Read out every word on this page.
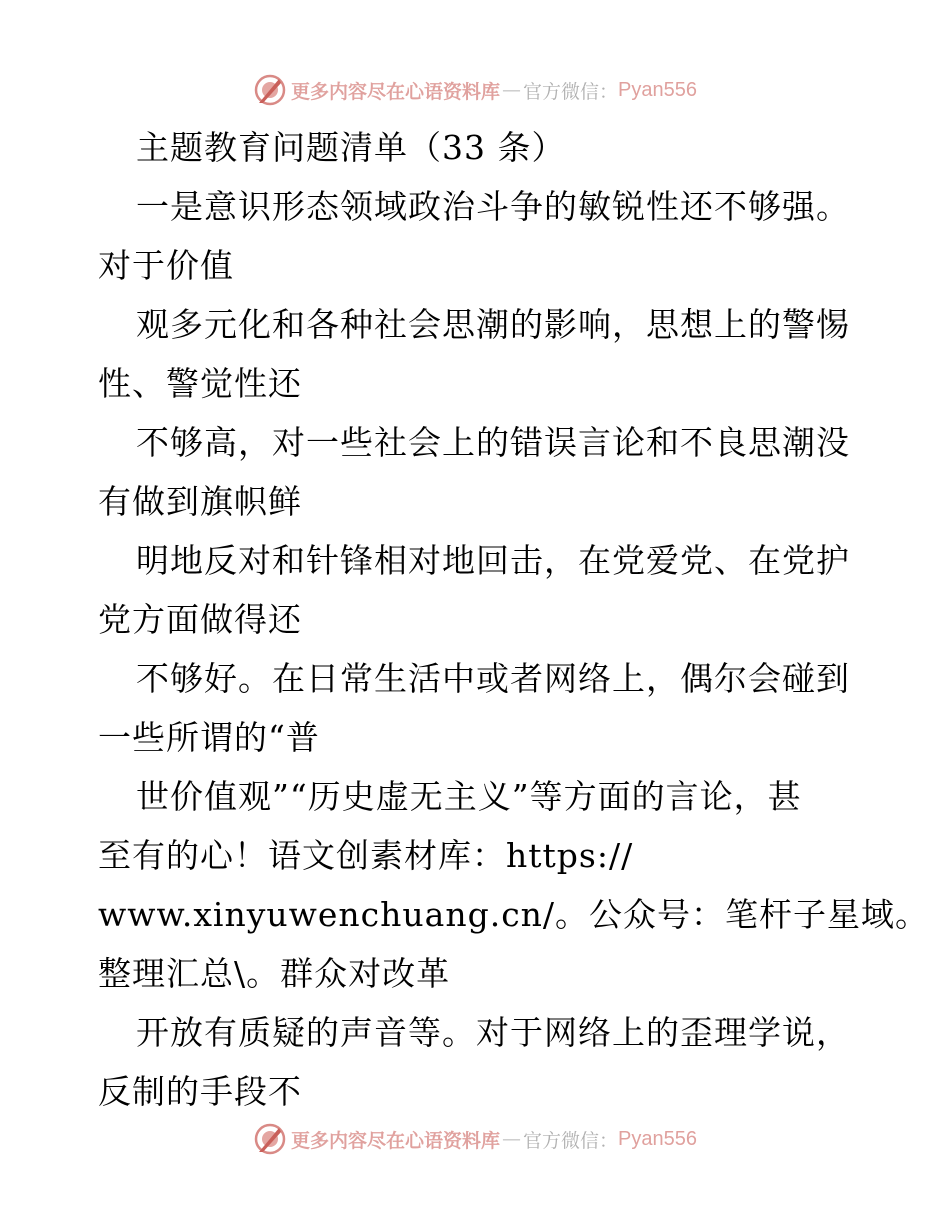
更多内容尽在心语资料库 — 官方微信： Pyan556
主题教育问题清单（33 条）
一是意识形态领域政治斗争的敏锐性还不够强。
对于价值
观多元化和各种社会思潮的影响，思想上的警惕
性、警觉性还
不够高，对一些社会上的错误言论和不良思潮没
有做到旗帜鲜
明地反对和针锋相对地回击，在党爱党、在党护
党方面做得还
不够好。在日常生活中或者网络上，偶尔会碰到
一些所谓的“普
世价值观”“历史虚无主义”等方面的言论，甚
至有的心！语文创素材库：https://
www.xinyuwenchuang.cn/。公众号：笔杆子星域。
整理汇总\。群众对改革
开放有质疑的声音等。对于网络上的歪理学说，
反制的手段不
更多内容尽在心语资料库 — 官方微信： Pyan556
